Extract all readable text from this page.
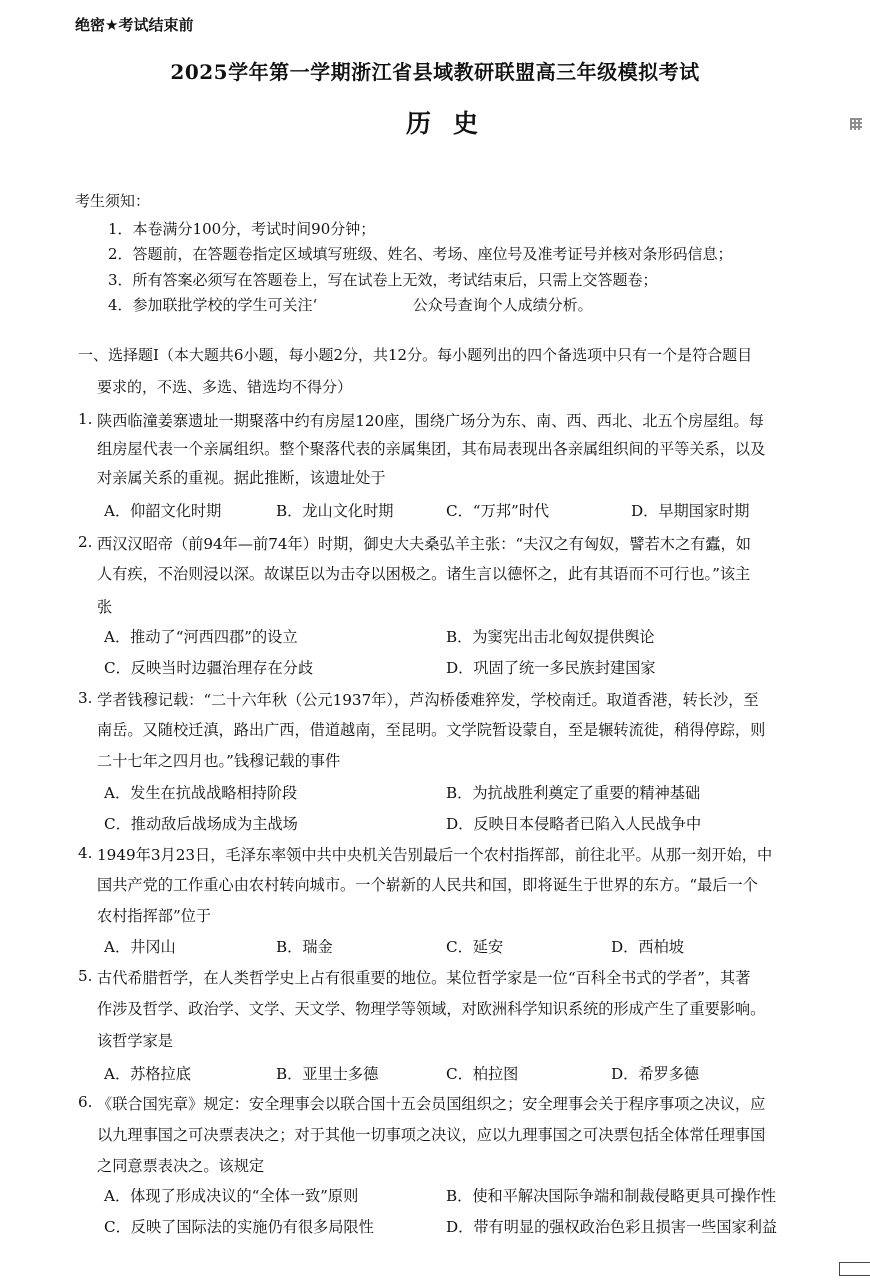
绝密★考试结束前
2025学年第一学期浙江省县域教研联盟高三年级模拟考试
历史
考生须知：
1．本卷满分100分，考试时间90分钟；
2．答题前，在答题卷指定区域填写班级、姓名、考场、座位号及准考证号并核对条形码信息；
3．所有答案必须写在答题卷上，写在试卷上无效，考试结束后，只需上交答题卷；
4．参加联批学校的学生可关注‘                    公众号查询个人成绩分析。
一、选择题Ⅰ（本大题共6小题，每小题2分，共12分。每小题列出的四个备选项中只有一个是符合题目
要求的，不选、多选、错选均不得分）
1. 陕西临潼姜寨遗址一期聚落中约有房屋120座，围绕广场分为东、南、西、西北、北五个房屋组。每
组房屋代表一个亲属组织。整个聚落代表的亲属集团，其布局表现出各亲属组织间的平等关系，以及
对亲属关系的重视。据此推断，该遗址处于
A．仰韶文化时期	B．龙山文化时期	C．“万邦”时代	D．早期国家时期
2. 西汉汉昭帝（前94年—前74年）时期，御史大夫桑弘羊主张：“夫汉之有匈奴，譬若木之有蠹，如
人有疾，不治则浸以深。故谋臣以为击夺以困极之。诸生言以德怀之，此有其语而不可行也。”该主
张
A．推动了“河西四郡”的设立	B．为窦宪出击北匈奴提供舆论
C．反映当时边疆治理存在分歧	D．巩固了统一多民族封建国家
3. 学者钱穆记载：“二十六年秋（公元1937年），芦沟桥倭难猝发，学校南迁。取道香港，转长沙，至
南岳。又随校迁滇，路出广西，借道越南，至昆明。文学院暂设蒙自，至是辗转流徙，稍得停踪，则
二十七年之四月也。”钱穆记载的事件
A．发生在抗战战略相持阶段	B．为抗战胜利奠定了重要的精神基础
C．推动敌后战场成为主战场	D．反映日本侵略者已陷入人民战争中
4. 1949年3月23日，毛泽东率领中共中央机关告别最后一个农村指挥部，前往北平。从那一刻开始，中
国共产党的工作重心由农村转向城市。一个崭新的人民共和国，即将诞生于世界的东方。“最后一个
农村指挥部”位于
A．井冈山	B．瑞金	C．延安	D．西柏坡
5. 古代希腊哲学，在人类哲学史上占有很重要的地位。某位哲学家是一位“百科全书式的学者”，其著
作涉及哲学、政治学、文学、天文学、物理学等领域，对欧洲科学知识系统的形成产生了重要影响。
该哲学家是
A．苏格拉底	B．亚里士多德	C．柏拉图	D．希罗多德
6. 《联合国宪章》规定：安全理事会以联合国十五会员国组织之；安全理事会关于程序事项之决议，应
以九理事国之可决票表决之；对于其他一切事项之决议，应以九理事国之可决票包括全体常任理事国
之同意票表决之。该规定
A．体现了形成决议的“全体一致”原则	B．使和平解决国际争端和制裁侵略更具可操作性
C．反映了国际法的实施仍有很多局限性	D．带有明显的强权政治色彩且损害一些国家利益
